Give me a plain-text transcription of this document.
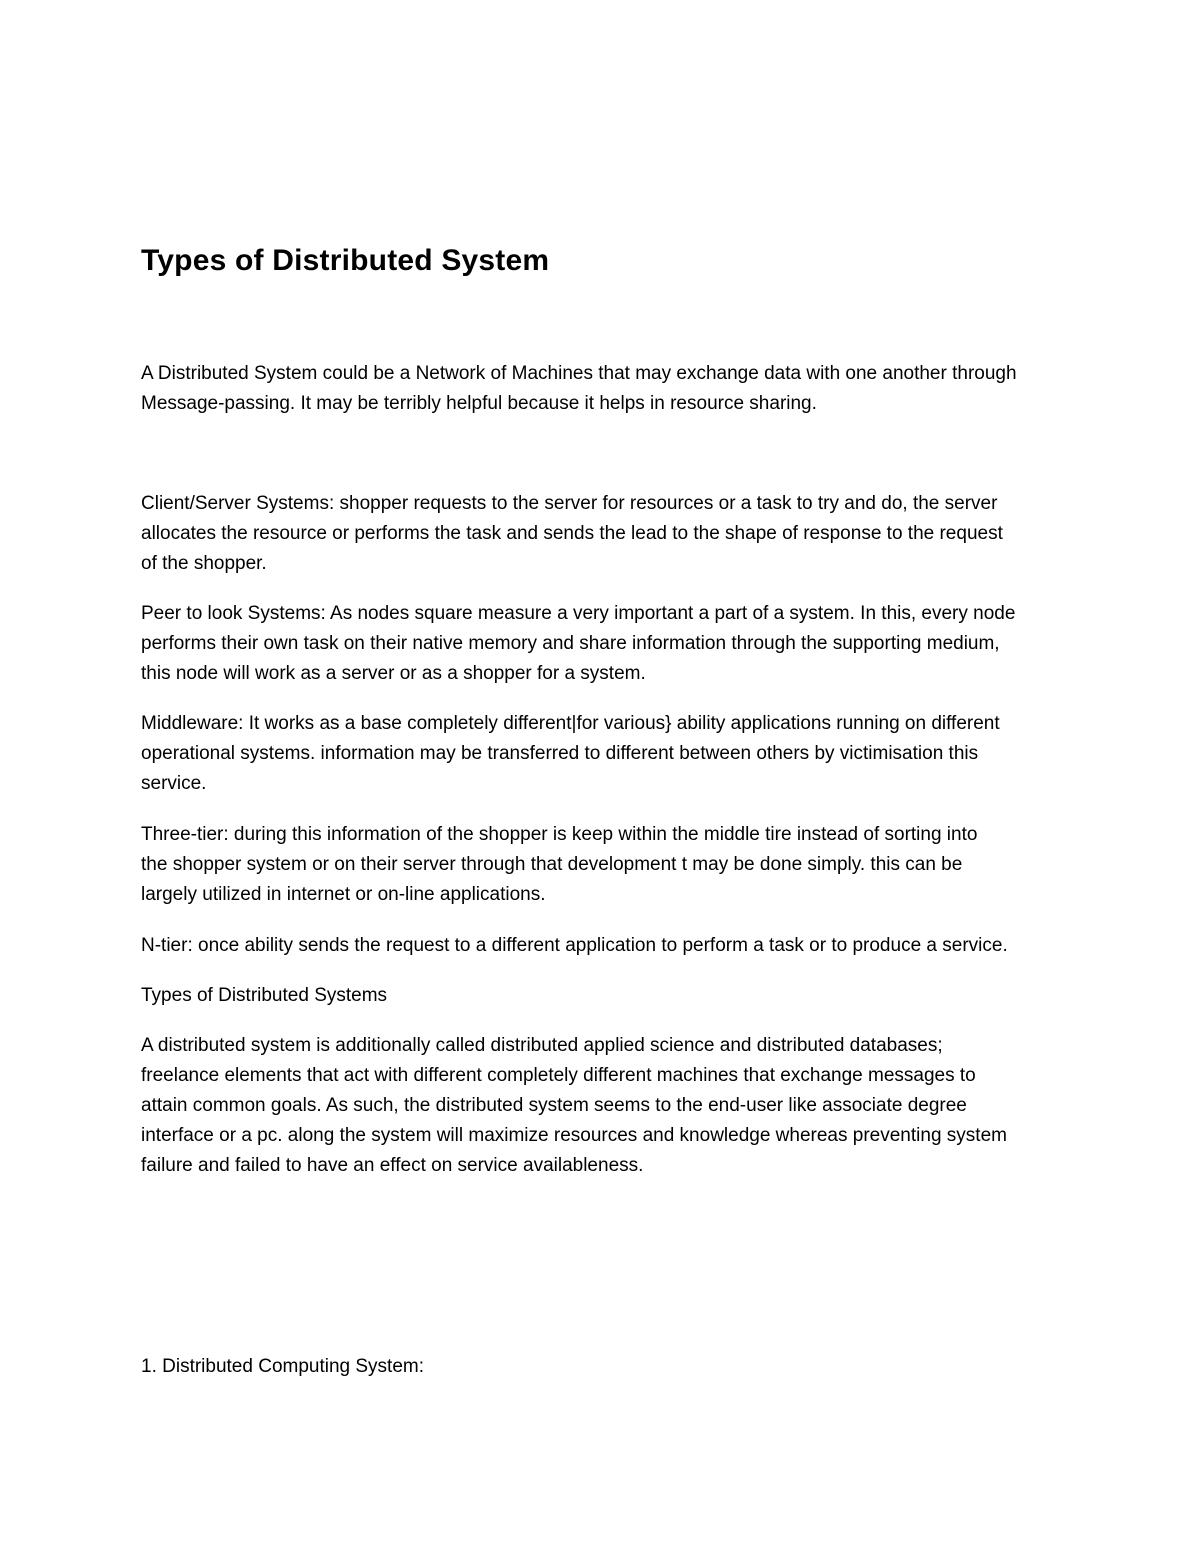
Types of Distributed System

A Distributed System could be a Network of Machines that may exchange data with one another through
Message-passing. It may be terribly helpful because it helps in resource sharing.

Client/Server Systems: shopper requests to the server for resources or a task to try and do, the server
allocates the resource or performs the task and sends the lead to the shape of response to the request
of the shopper.

Peer to look Systems: As nodes square measure a very important a part of a system. In this, every node
performs their own task on their native memory and share information through the supporting medium,
this node will work as a server or as a shopper for a system.

Middleware: It works as a base completely different|for various} ability applications running on different
operational systems. information may be transferred to different between others by victimisation this
service.

Three-tier: during this information of the shopper is keep within the middle tire instead of sorting into
the shopper system or on their server through that development t may be done simply. this can be
largely utilized in internet or on-line applications.

N-tier: once ability sends the request to a different application to perform a task or to produce a service.

Types of Distributed Systems

A distributed system is additionally called distributed applied science and distributed databases;
freelance elements that act with different completely different machines that exchange messages to
attain common goals. As such, the distributed system seems to the end-user like associate degree
interface or a pc. along the system will maximize resources and knowledge whereas preventing system
failure and failed to have an effect on service availableness.

1. Distributed Computing System:
